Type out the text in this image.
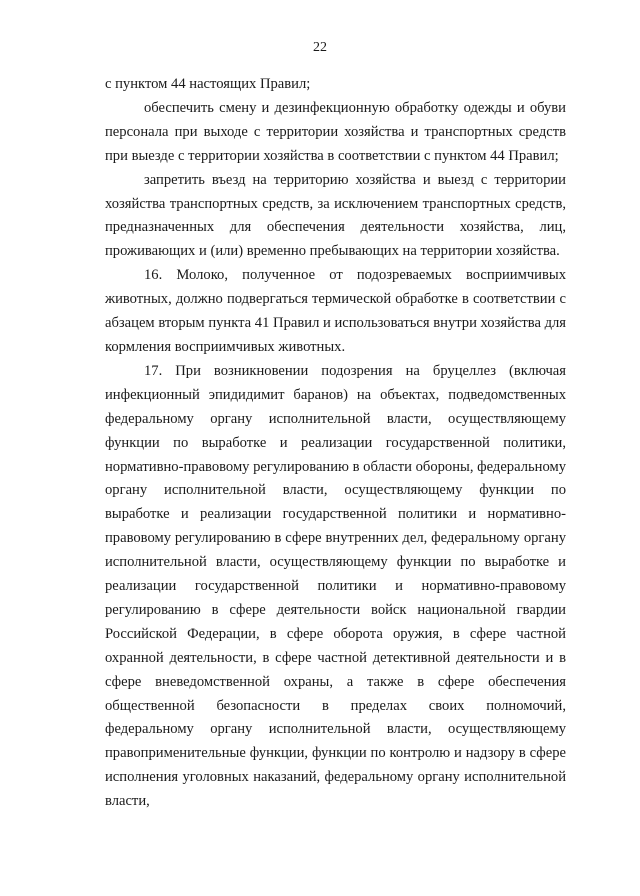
22

с пунктом 44 настоящих Правил;

обеспечить смену и дезинфекционную обработку одежды и обуви персонала при выходе с территории хозяйства и транспортных средств при выезде с территории хозяйства в соответствии с пунктом 44 Правил;

запретить въезд на территорию хозяйства и выезд с территории хозяйства транспортных средств, за исключением транспортных средств, предназначенных для обеспечения деятельности хозяйства, лиц, проживающих и (или) временно пребывающих на территории хозяйства.

16. Молоко, полученное от подозреваемых восприимчивых животных, должно подвергаться термической обработке в соответствии с абзацем вторым пункта 41 Правил и использоваться внутри хозяйства для кормления восприимчивых животных.

17. При возникновении подозрения на бруцеллез (включая инфекционный эпидидимит баранов) на объектах, подведомственных федеральному органу исполнительной власти, осуществляющему функции по выработке и реализации государственной политики, нормативно-правовому регулированию в области обороны, федеральному органу исполнительной власти, осуществляющему функции по выработке и реализации государственной политики и нормативно-правовому регулированию в сфере внутренних дел, федеральному органу исполнительной власти, осуществляющему функции по выработке и реализации государственной политики и нормативно-правовому регулированию в сфере деятельности войск национальной гвардии Российской Федерации, в сфере оборота оружия, в сфере частной охранной деятельности, в сфере частной детективной деятельности и в сфере вневедомственной охраны, а также в сфере обеспечения общественной безопасности в пределах своих полномочий, федеральному органу исполнительной власти, осуществляющему правоприменительные функции, функции по контролю и надзору в сфере исполнения уголовных наказаний, федеральному органу исполнительной власти,
